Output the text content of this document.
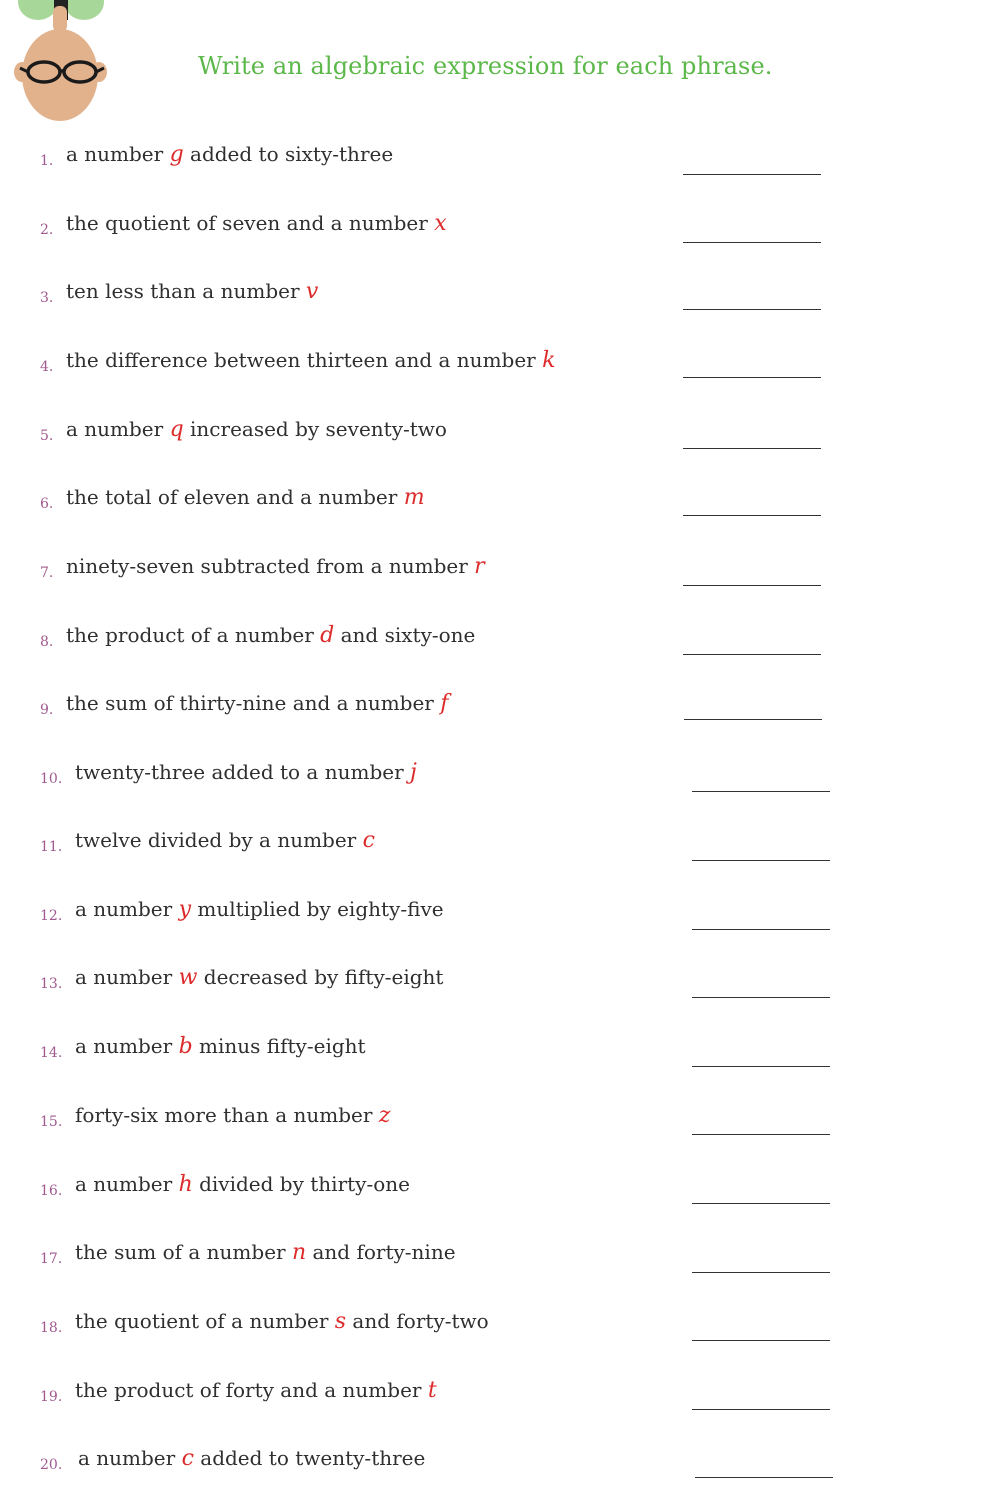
Write an algebraic expression for each phrase.
1. a number g added to sixty-three
2. the quotient of seven and a number x
3. ten less than a number v
4. the difference between thirteen and a number k
5. a number q increased by seventy-two
6. the total of eleven and a number m
7. ninety-seven subtracted from a number r
8. the product of a number d and sixty-one
9. the sum of thirty-nine and a number f
10. twenty-three added to a number j
11. twelve divided by a number c
12. a number y multiplied by eighty-five
13. a number w decreased by fifty-eight
14. a number b minus fifty-eight
15. forty-six more than a number z
16. a number h divided by thirty-one
17. the sum of a number n and forty-nine
18. the quotient of a number s and forty-two
19. the product of forty and a number t
20. a number c added to twenty-three
